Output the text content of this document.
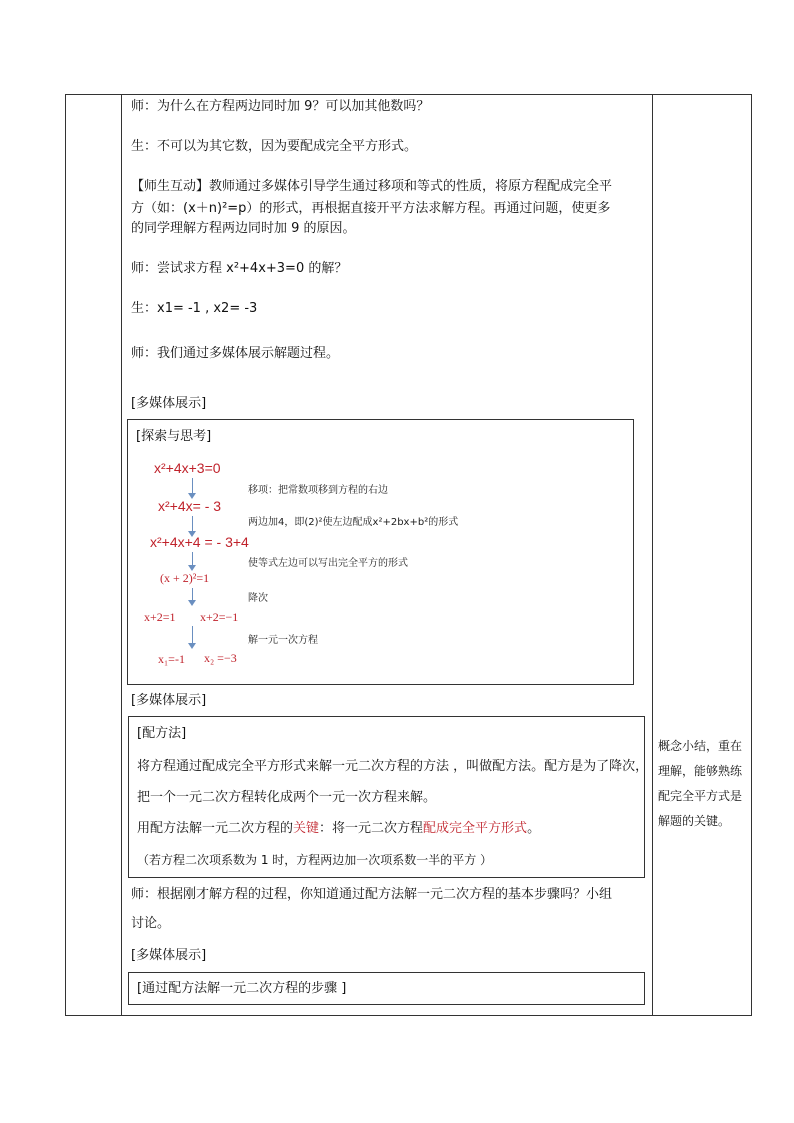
师：为什么在方程两边同时加 9？可以加其他数吗？
生：不可以为其它数，因为要配成完全平方形式。
【师生互动】教师通过多媒体引导学生通过移项和等式的性质，将原方程配成完全平
方（如：(x＋n)²=p）的形式，再根据直接开平方法求解方程。再通过问题，使更多
的同学理解方程两边同时加 9 的原因。
师：尝试求方程 x²+4x+3=0 的解？
生：x1= -1 , x2= -3
师：我们通过多媒体展示解题过程。
[多媒体展示]
[探索与思考]
x²+4x+3=0
移项：把常数项移到方程的右边
x²+4x= - 3
两边加4，即(2)²使左边配成x²+2bx+b²的形式
x²+4x+4 = - 3+4
使等式左边可以写出完全平方的形式
(x + 2)²=1
降次
x+2=1 x+2=−1
解一元一次方程
x₁=-1 x₂ =−3
[多媒体展示]
[配方法]
将方程通过配成完全平方形式来解一元二次方程的方法 ，叫做配方法。配方是为了降次，
把一个一元二次方程转化成两个一元一次方程来解。
用配方法解一元二次方程的关键：将一元二次方程配成完全平方形式。
（若方程二次项系数为 1 时，方程两边加一次项系数一半的平方 ）
师：根据刚才解方程的过程，你知道通过配方法解一元二次方程的基本步骤吗？小组
讨论。
[多媒体展示]
[通过配方法解一元二次方程的步骤 ]
概念小结，重在
理解，能够熟练
配完全平方式是
解题的关键。
